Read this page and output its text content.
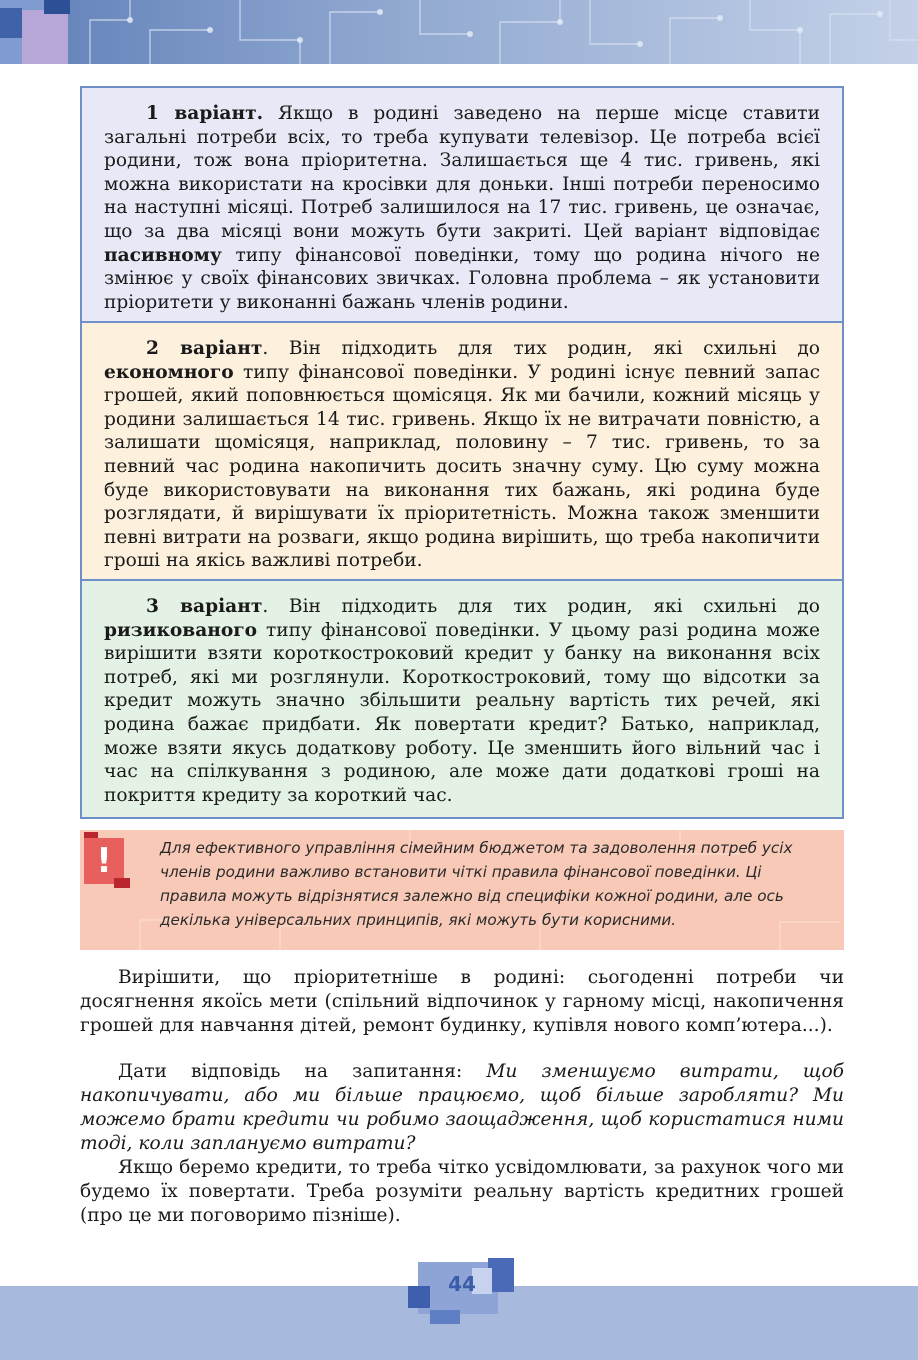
1 варіант. Якщо в родині заведено на перше місце ставити загальні потреби всіх, то треба купувати телевізор. Це потреба всієї родини, тож вона пріоритетна. Залишається ще 4 тис. гривень, які можна використати на кросівки для доньки. Інші потреби переносимо на наступні місяці. Потреб залишилося на 17 тис. гривень, це означає, що за два місяці вони можуть бути закриті. Цей варіант відповідає пасивному типу фінансової поведінки, тому що родина нічого не змінює у своїх фінансових звичках. Головна проблема – як установити пріоритети у виконанні бажань членів родини.

2 варіант. Він підходить для тих родин, які схильні до економного типу фінансової поведінки. У родині існує певний запас грошей, який поповнюється щомісяця. Як ми бачили, кожний місяць у родини залишається 14 тис. гривень. Якщо їх не витрачати повністю, а залишати щомісяця, наприклад, половину – 7 тис. гривень, то за певний час родина накопичить досить значну суму. Цю суму можна буде використовувати на виконання тих бажань, які родина буде розглядати, й вирішувати їх пріоритетність. Можна також зменшити певні витрати на розваги, якщо родина вирішить, що треба накопичити гроші на якісь важливі потреби.

3 варіант. Він підходить для тих родин, які схильні до ризикованого типу фінансової поведінки. У цьому разі родина може вирішити взяти короткостроковий кредит у банку на виконання всіх потреб, які ми розглянули. Короткостроковий, тому що відсотки за кредит можуть значно збільшити реальну вартість тих речей, які родина бажає придбати. Як повертати кредит? Батько, наприклад, може взяти якусь додаткову роботу. Це зменшить його вільний час і час на спілкування з родиною, але може дати додаткові гроші на покриття кредиту за короткий час.

!	Для ефективного управління сімейним бюджетом та задоволення потреб усіх членів родини важливо встановити чіткі правила фінансової поведінки. Ці правила можуть відрізнятися залежно від специфіки кожної родини, але ось декілька універсальних принципів, які можуть бути корисними.

Вирішити, що пріоритетніше в родині: сьогоденні потреби чи досягнення якоїсь мети (спільний відпочинок у гарному місці, накопичення грошей для навчання дітей, ремонт будинку, купівля нового комп’ютера...).

Дати відповідь на запитання: Ми зменшуємо витрати, щоб накопичувати, або ми більше працюємо, щоб більше заробляти? Ми можемо брати кредити чи робимо заощадження, щоб користатися ними тоді, коли заплануємо витрати?

Якщо беремо кредити, то треба чітко усвідомлювати, за рахунок чого ми будемо їх повертати. Треба розуміти реальну вартість кредитних грошей (про це ми поговоримо пізніше).

44
